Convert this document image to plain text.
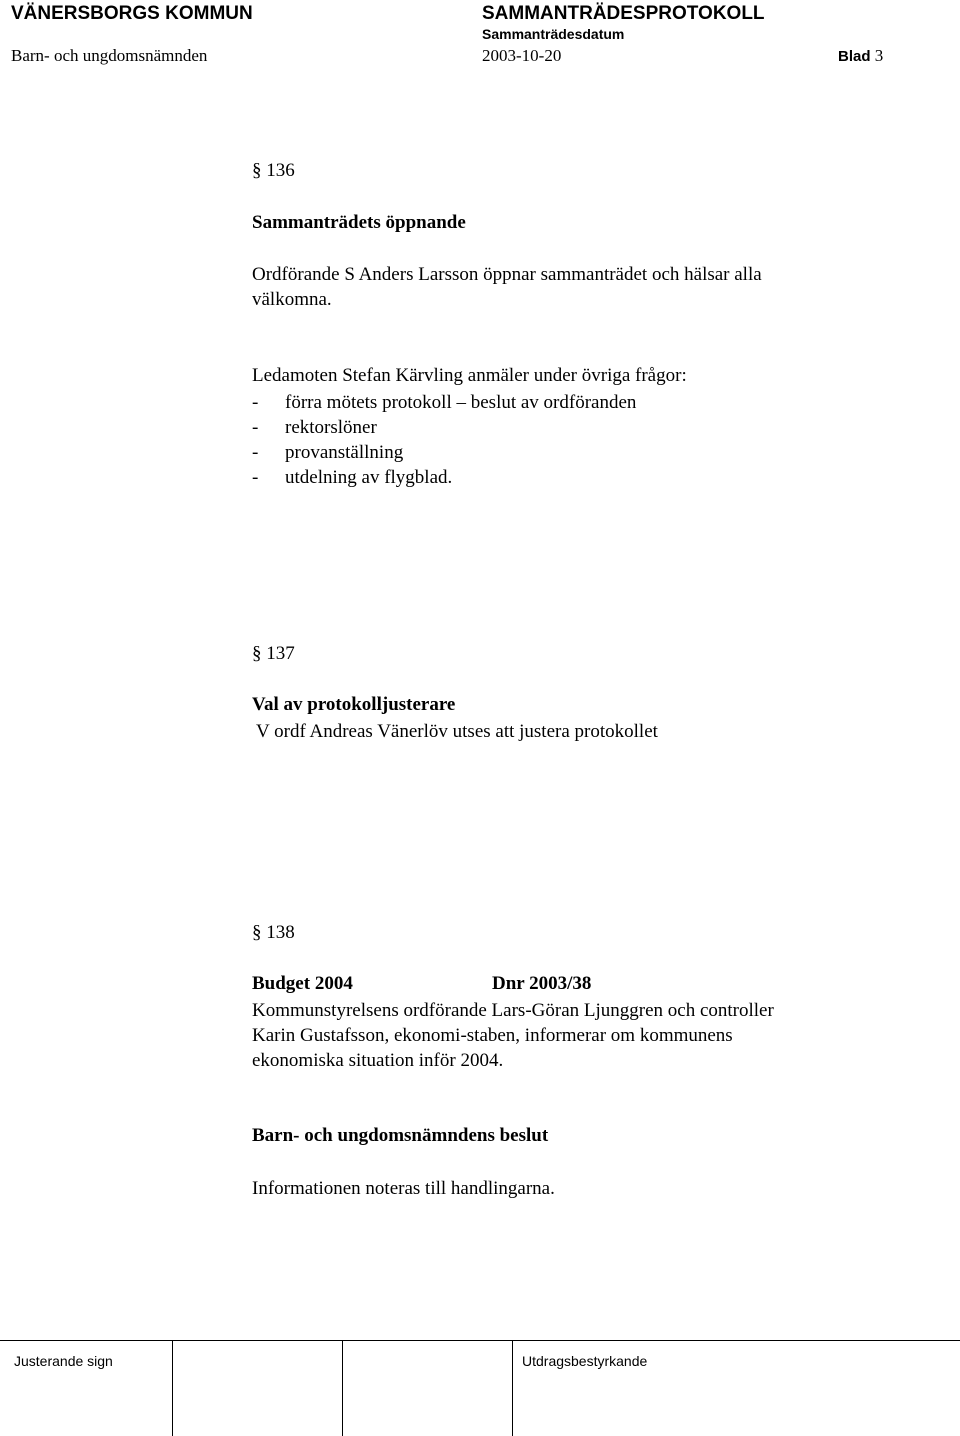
VÄNERSBORGS KOMMUN	SAMMANTRÄDESPROTOKOLL
Sammanträdesdatum
Barn- och ungdomsnämnden	2003-10-20	Blad 3
§ 136
Sammanträdets öppnande
Ordförande S Anders Larsson öppnar sammanträdet och hälsar alla
välkomna.
Ledamoten Stefan Kärvling anmäler under övriga frågor:
- förra mötets protokoll – beslut av ordföranden
- rektorslöner
- provanställning
- utdelning av flygblad.
§ 137
Val av protokolljusterare
V ordf Andreas Vänerlöv utses att justera protokollet
§ 138
Budget 2004	Dnr 2003/38
Kommunstyrelsens ordförande Lars-Göran Ljunggren och controller
Karin Gustafsson, ekonomi-staben, informerar om kommunens
ekonomiska situation inför 2004.
Barn- och ungdomsnämndens beslut
Informationen noteras till handlingarna.
Justerande sign	Utdragsbestyrkande
